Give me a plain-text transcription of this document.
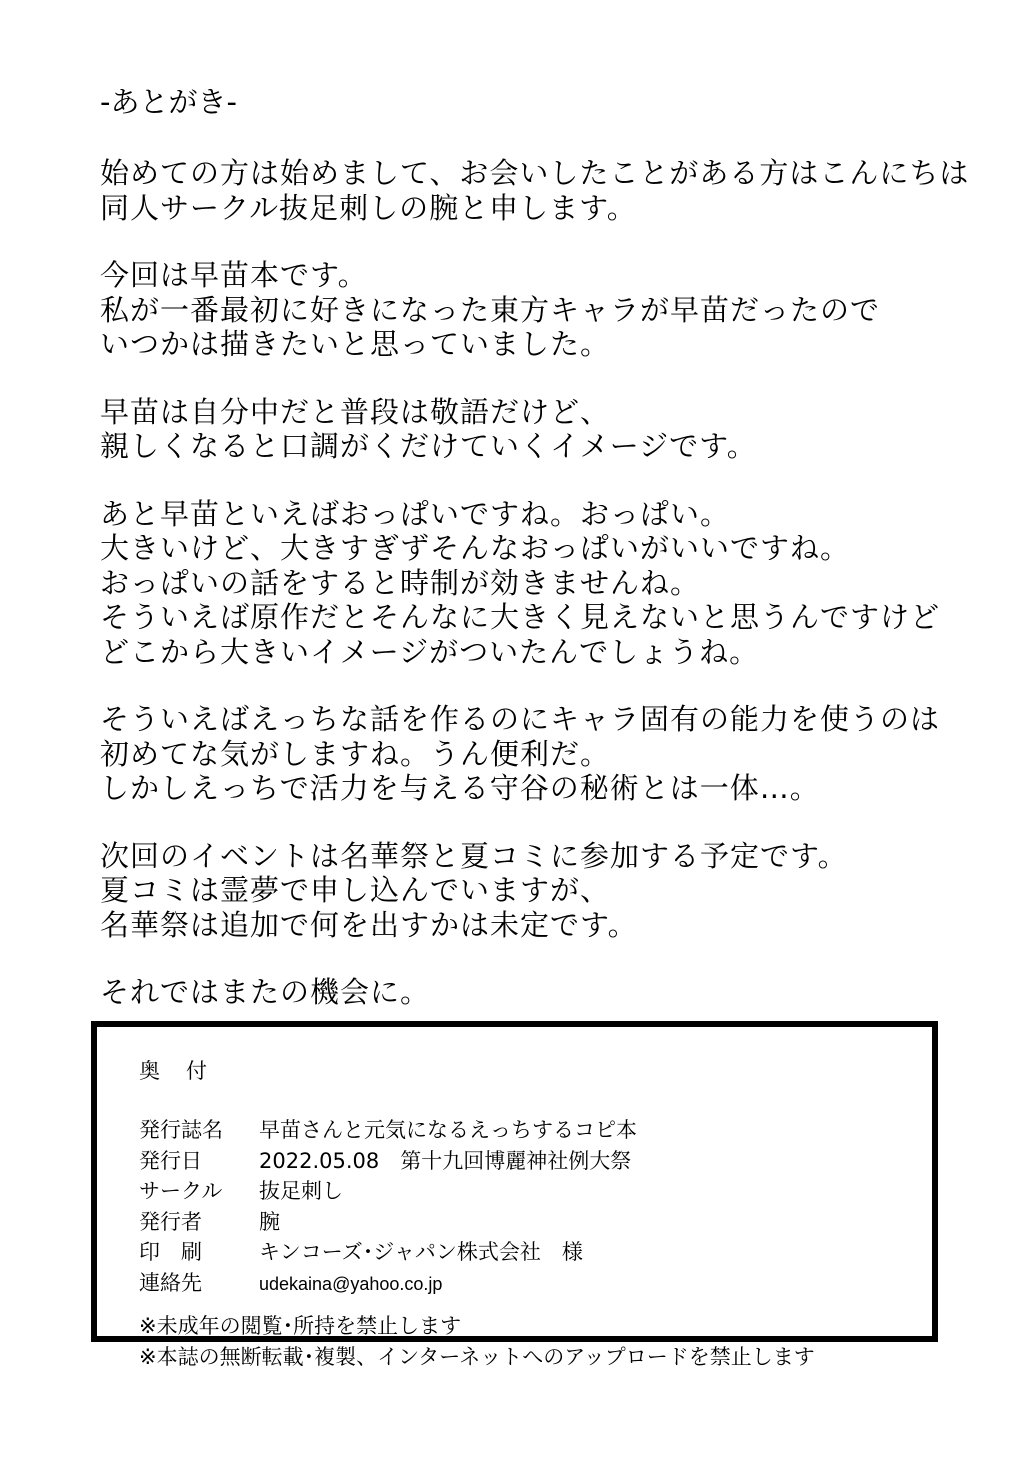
-あとがき-
始めての方は始めまして、お会いしたことがある方はこんにちは
同人サークル抜足刺しの腕と申します。
今回は早苗本です。
私が一番最初に好きになった東方キャラが早苗だったので
いつかは描きたいと思っていました。
早苗は自分中だと普段は敬語だけど、
親しくなると口調がくだけていくイメージです。
あと早苗といえばおっぱいですね。おっぱい。
大きいけど、大きすぎずそんなおっぱいがいいですね。
おっぱいの話をすると時制が効きませんね。
そういえば原作だとそんなに大きく見えないと思うんですけど
どこから大きいイメージがついたんでしょうね。
そういえばえっちな話を作るのにキャラ固有の能力を使うのは
初めてな気がしますね。うん便利だ。
しかしえっちで活力を与える守谷の秘術とは一体…。
次回のイベントは名華祭と夏コミに参加する予定です。
夏コミは霊夢で申し込んでいますが、
名華祭は追加で何を出すかは未定です。
それではまたの機会に。
奥付
発行誌名 早苗さんと元気になるえっちするコピ本
発行日	2022.05.08　第十九回博麗神社例大祭
サークル 抜足刺し
発行者	腕
印刷 キンコーズ･ジャパン株式会社　様
連絡先	udekaina@yahoo.co.jp
※未成年の閲覧･所持を禁止します
※本誌の無断転載･複製、インターネットへのアップロードを禁止します
